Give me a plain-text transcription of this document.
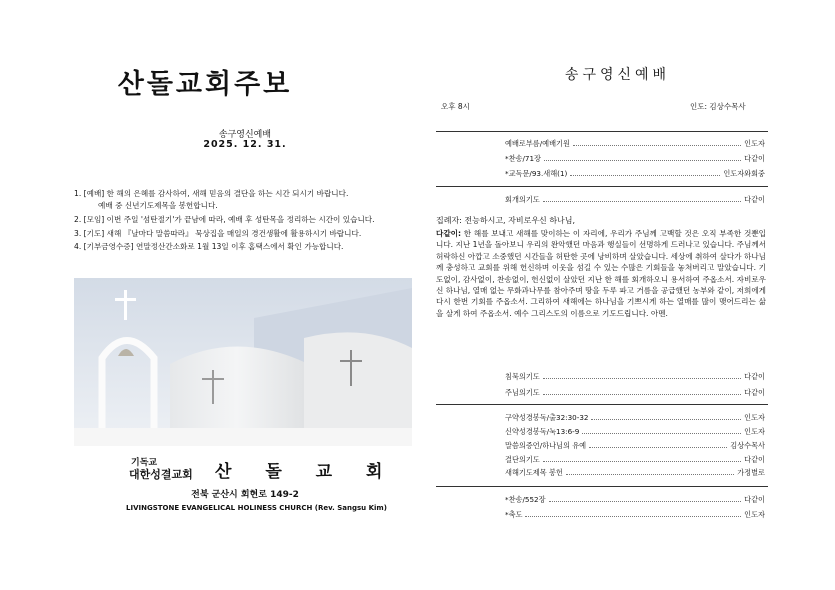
산돌교회주보
송구영신예배
2025. 12. 31.
1. [예배] 한 해의 은혜를 감사하여, 새해 믿음의 결단을 하는 시간 되시기 바랍니다.
예배 중 신년기도제목을 봉헌합니다.
2. [모임] 이번 주일 '섬탄절기'가 끝남에 따라, 예배 후 성탄목을 정리하는 시간이 있습니다.
3. [기도] 새해 『날마다 말씀따라』 묵상집을 매일의 경건생활에 활용하시기 바랍니다.
4. [기부금영수증] 연말정산간소화로 1월 13일 이후 홈택스에서 확인 가능합니다.
기독교
대한성결교회 산 돌 교 회
전북 군산시 회현로 149-2
LIVINGSTONE EVANGELICAL HOLINESS CHURCH (Rev. Sangsu Kim)
송구영신예배
오후 8시	인도: 김상수목사
예배로부름/예배기원	인도자
*찬송/71장	다같이
*교독문/93.새해(1)	인도자와회중
회개의기도	다같이
집례자: 전능하시고, 자비로우신 하나님,
다같이: 한 해를 보내고 새해를 맞이하는 이 자리에, 우리가 주님께 고백할 것은 오직 부족한 것뿐입니다. 지난 1년을 돌아보니 우리의 완악했던 마음과 행실들이 선명하게 드러나고 있습니다. 주님께서 허락하신 아깝고 소중했던 시간들을 허탄한 곳에 낭비하며 살았습니다. 세상에 취하여 살다가 하나님께 충성하고 교회를 위해 헌신하며 이웃을 섬길 수 있는 수많은 기회들을 놓쳐버리고 말았습니다. 기도없이, 감사없이, 찬송없이, 헌신없이 살았던 지난 한 해를 회개하오니 용서하여 주옵소서. 자비로우신 하나님, 열매 없는 무화과나무를 참아주며 땅을 두루 파고 거름을 공급했던 농부와 같이, 저희에게 다시 한번 기회를 주옵소서. 그리하여 새해에는 하나님을 기쁘시게 하는 열매를 많이 맺어드리는 삶을 살게 하여 주옵소서. 예수 그리스도의 이름으로 기도드립니다. 아멘.
침묵의기도	다같이
주님의기도	다같이
구약성경봉독/출32:30-32	인도자
신약성경봉독/눅13:6-9	인도자
말씀의증언/하나님의 유예	김상수목사
결단의기도	다같이
새해기도제목 봉헌	가정별로
*찬송/552장	다같이
*축도	인도자
